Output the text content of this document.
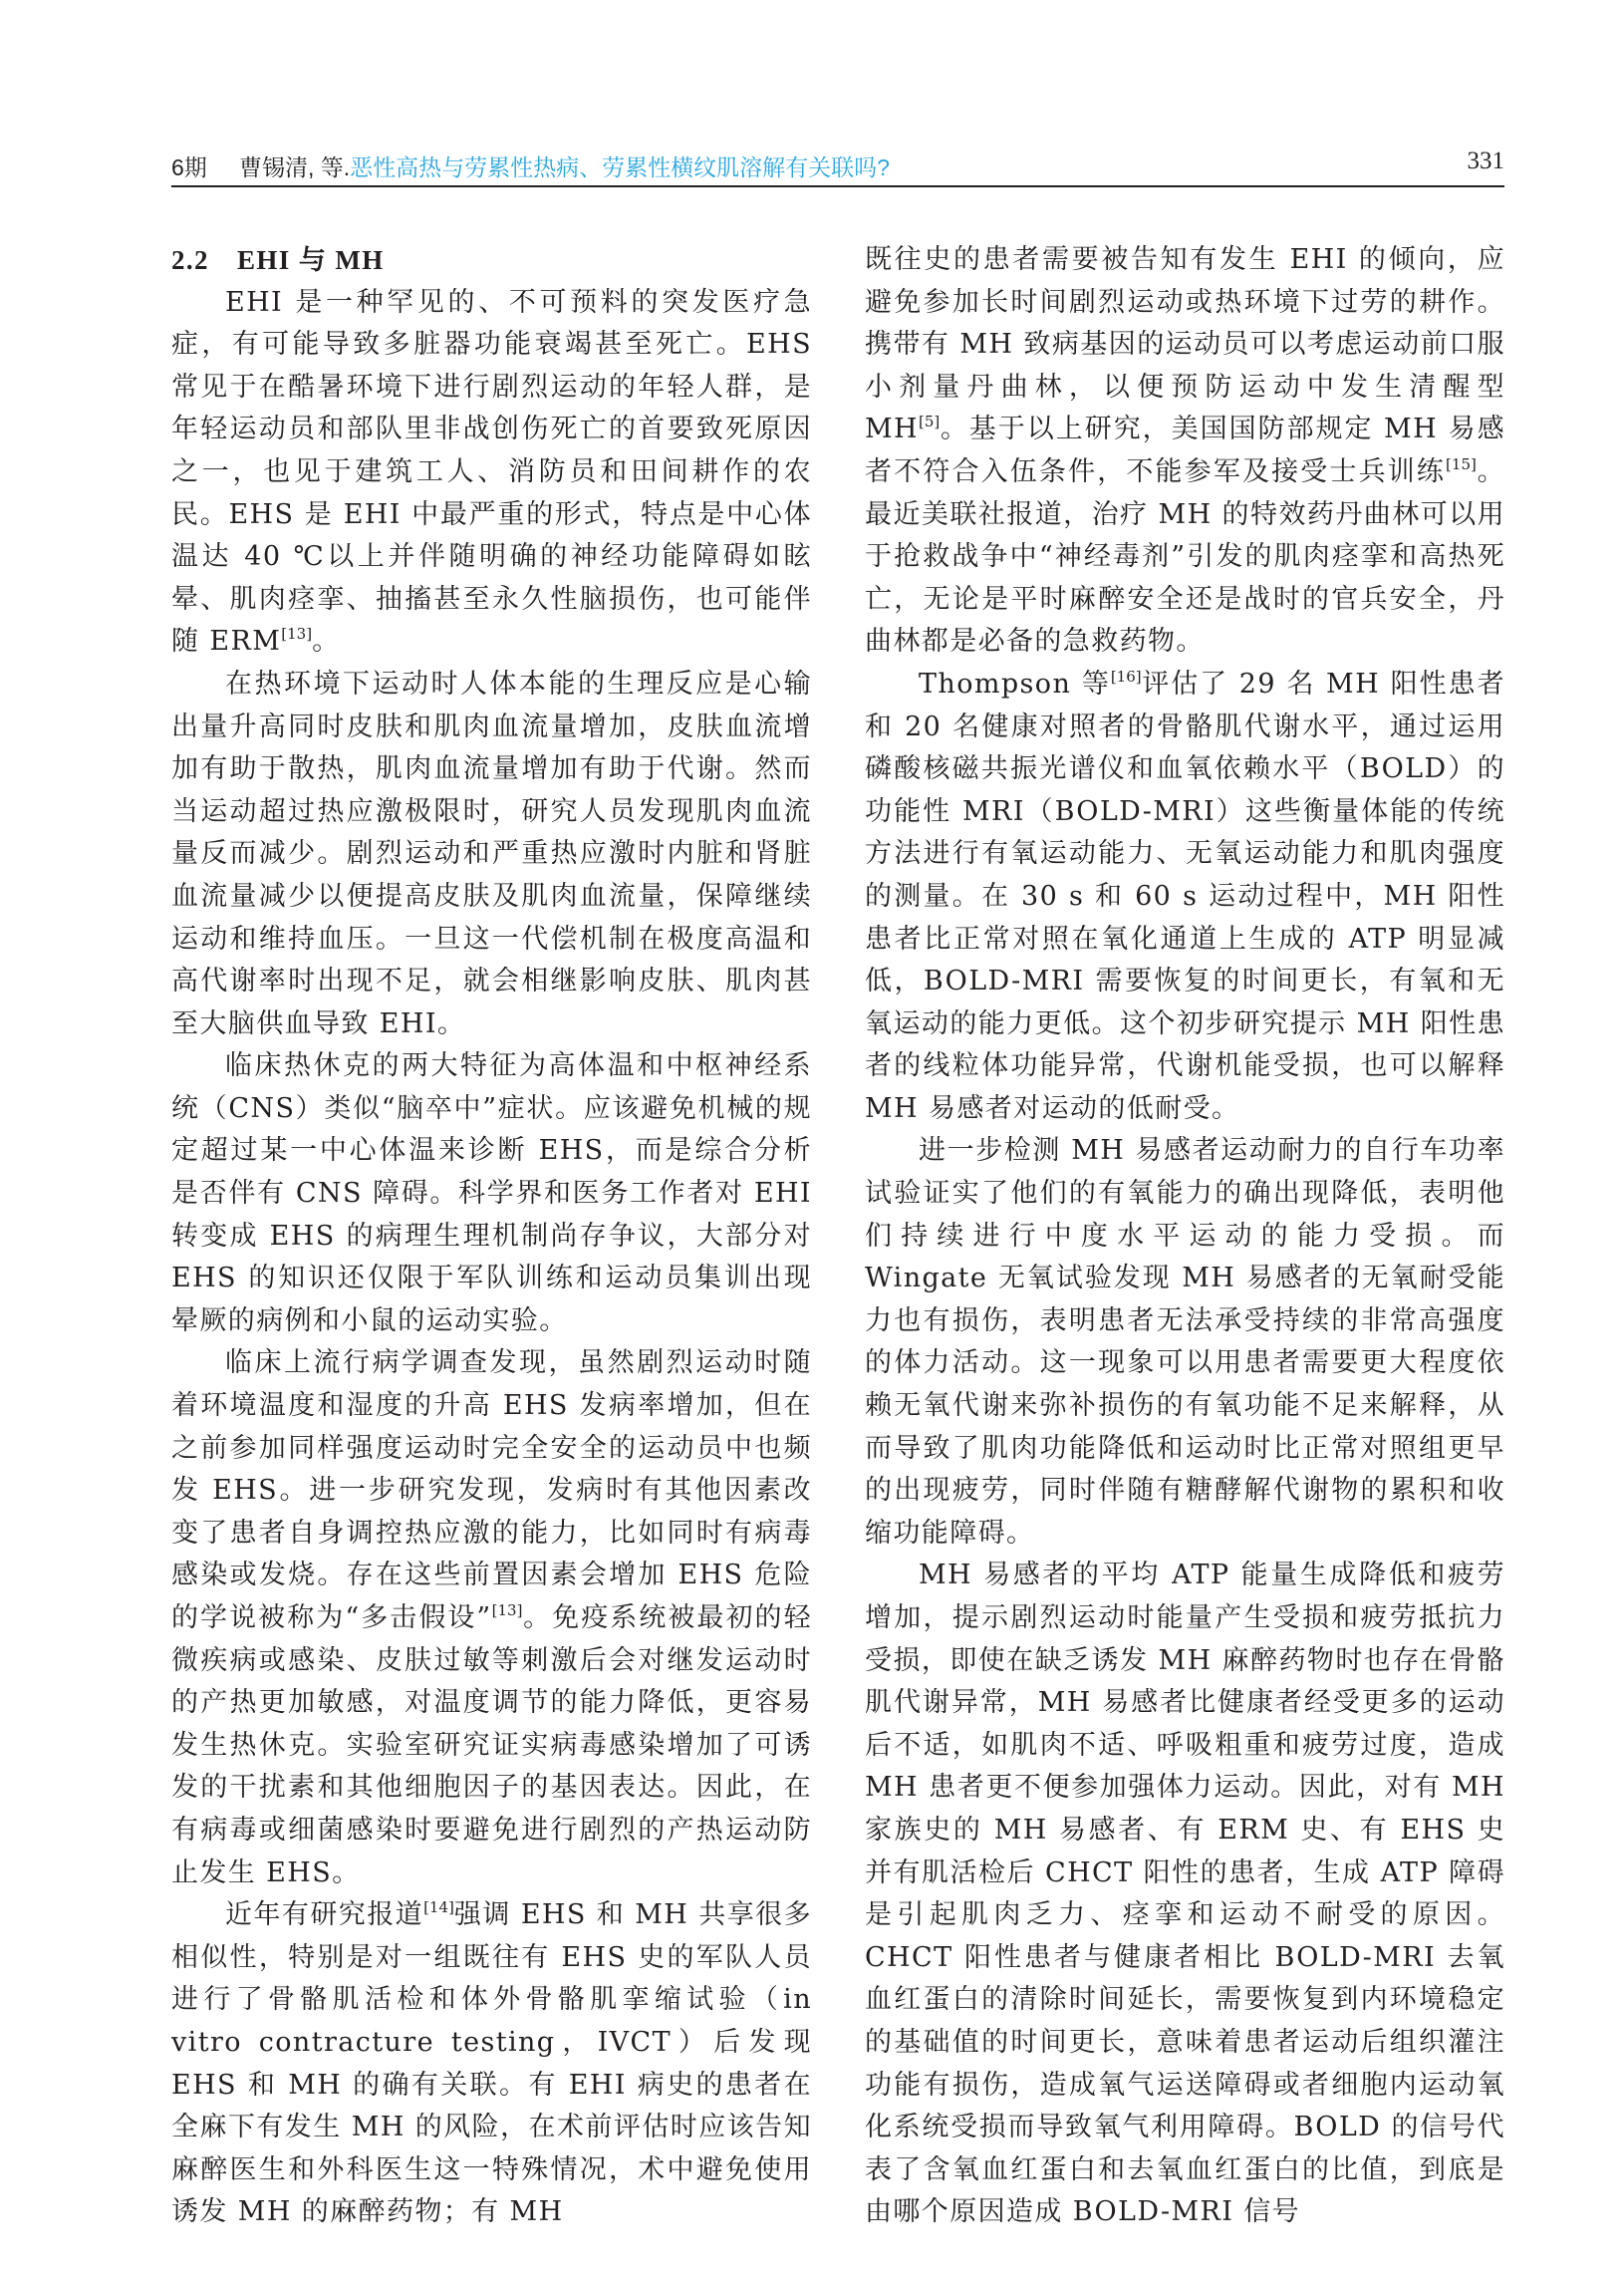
6期 曹锡清, 等.恶性高热与劳累性热病、劳累性横纹肌溶解有关联吗?	331
2.2 EHI 与 MH

EHI 是一种罕见的、不可预料的突发医疗急症，有可能导致多脏器功能衰竭甚至死亡。EHS 常见于在酷暑环境下进行剧烈运动的年轻人群，是年轻运动员和部队里非战创伤死亡的首要致死原因之一，也见于建筑工人、消防员和田间耕作的农民。EHS 是 EHI 中最严重的形式，特点是中心体温达 40 ℃以上并伴随明确的神经功能障碍如眩晕、肌肉痉挛、抽搐甚至永久性脑损伤，也可能伴随 ERM[13]。

在热环境下运动时人体本能的生理反应是心输出量升高同时皮肤和肌肉血流量增加，皮肤血流增加有助于散热，肌肉血流量增加有助于代谢。然而当运动超过热应激极限时，研究人员发现肌肉血流量反而减少。剧烈运动和严重热应激时内脏和肾脏血流量减少以便提高皮肤及肌肉血流量，保障继续运动和维持血压。一旦这一代偿机制在极度高温和高代谢率时出现不足，就会相继影响皮肤、肌肉甚至大脑供血导致 EHI。

临床热休克的两大特征为高体温和中枢神经系统（CNS）类似“脑卒中”症状。应该避免机械的规定超过某一中心体温来诊断 EHS，而是综合分析是否伴有 CNS 障碍。科学界和医务工作者对 EHI 转变成 EHS 的病理生理机制尚存争议，大部分对 EHS 的知识还仅限于军队训练和运动员集训出现晕厥的病例和小鼠的运动实验。

临床上流行病学调查发现，虽然剧烈运动时随着环境温度和湿度的升高 EHS 发病率增加，但在之前参加同样强度运动时完全安全的运动员中也频发 EHS。进一步研究发现，发病时有其他因素改变了患者自身调控热应激的能力，比如同时有病毒感染或发烧。存在这些前置因素会增加 EHS 危险的学说被称为“多击假设”[13]。免疫系统被最初的轻微疾病或感染、皮肤过敏等刺激后会对继发运动时的产热更加敏感，对温度调节的能力降低，更容易发生热休克。实验室研究证实病毒感染增加了可诱发的干扰素和其他细胞因子的基因表达。因此，在有病毒或细菌感染时要避免进行剧烈的产热运动防止发生 EHS。

近年有研究报道[14]强调 EHS 和 MH 共享很多相似性，特别是对一组既往有 EHS 史的军队人员进行了骨骼肌活检和体外骨骼肌挛缩试验（in vitro contracture testing，IVCT）后发现 EHS 和 MH 的确有关联。有 EHI 病史的患者在全麻下有发生 MH 的风险，在术前评估时应该告知麻醉医生和外科医生这一特殊情况，术中避免使用诱发 MH 的麻醉药物；有 MH

既往史的患者需要被告知有发生 EHI 的倾向，应避免参加长时间剧烈运动或热环境下过劳的耕作。携带有 MH 致病基因的运动员可以考虑运动前口服小剂量丹曲林，以便预防运动中发生清醒型 MH[5]。基于以上研究，美国国防部规定 MH 易感者不符合入伍条件，不能参军及接受士兵训练[15]。最近美联社报道，治疗 MH 的特效药丹曲林可以用于抢救战争中“神经毒剂”引发的肌肉痉挛和高热死亡，无论是平时麻醉安全还是战时的官兵安全，丹曲林都是必备的急救药物。

Thompson 等[16]评估了 29 名 MH 阳性患者和 20 名健康对照者的骨骼肌代谢水平，通过运用磷酸核磁共振光谱仪和血氧依赖水平（BOLD）的功能性 MRI（BOLD-MRI）这些衡量体能的传统方法进行有氧运动能力、无氧运动能力和肌肉强度的测量。在 30 s 和 60 s 运动过程中，MH 阳性患者比正常对照在氧化通道上生成的 ATP 明显减低，BOLD-MRI 需要恢复的时间更长，有氧和无氧运动的能力更低。这个初步研究提示 MH 阳性患者的线粒体功能异常，代谢机能受损，也可以解释 MH 易感者对运动的低耐受。

进一步检测 MH 易感者运动耐力的自行车功率试验证实了他们的有氧能力的确出现降低，表明他们持续进行中度水平运动的能力受损。而 Wingate 无氧试验发现 MH 易感者的无氧耐受能力也有损伤，表明患者无法承受持续的非常高强度的体力活动。这一现象可以用患者需要更大程度依赖无氧代谢来弥补损伤的有氧功能不足来解释，从而导致了肌肉功能降低和运动时比正常对照组更早的出现疲劳，同时伴随有糖酵解代谢物的累积和收缩功能障碍。

MH 易感者的平均 ATP 能量生成降低和疲劳增加，提示剧烈运动时能量产生受损和疲劳抵抗力受损，即使在缺乏诱发 MH 麻醉药物时也存在骨骼肌代谢异常，MH 易感者比健康者经受更多的运动后不适，如肌肉不适、呼吸粗重和疲劳过度，造成 MH 患者更不便参加强体力运动。因此，对有 MH 家族史的 MH 易感者、有 ERM 史、有 EHS 史并有肌活检后 CHCT 阳性的患者，生成 ATP 障碍是引起肌肉乏力、痉挛和运动不耐受的原因。CHCT 阳性患者与健康者相比 BOLD-MRI 去氧血红蛋白的清除时间延长，需要恢复到内环境稳定的基础值的时间更长，意味着患者运动后组织灌注功能有损伤，造成氧气运送障碍或者细胞内运动氧化系统受损而导致氧气利用障碍。BOLD 的信号代表了含氧血红蛋白和去氧血红蛋白的比值，到底是由哪个原因造成 BOLD-MRI 信号
